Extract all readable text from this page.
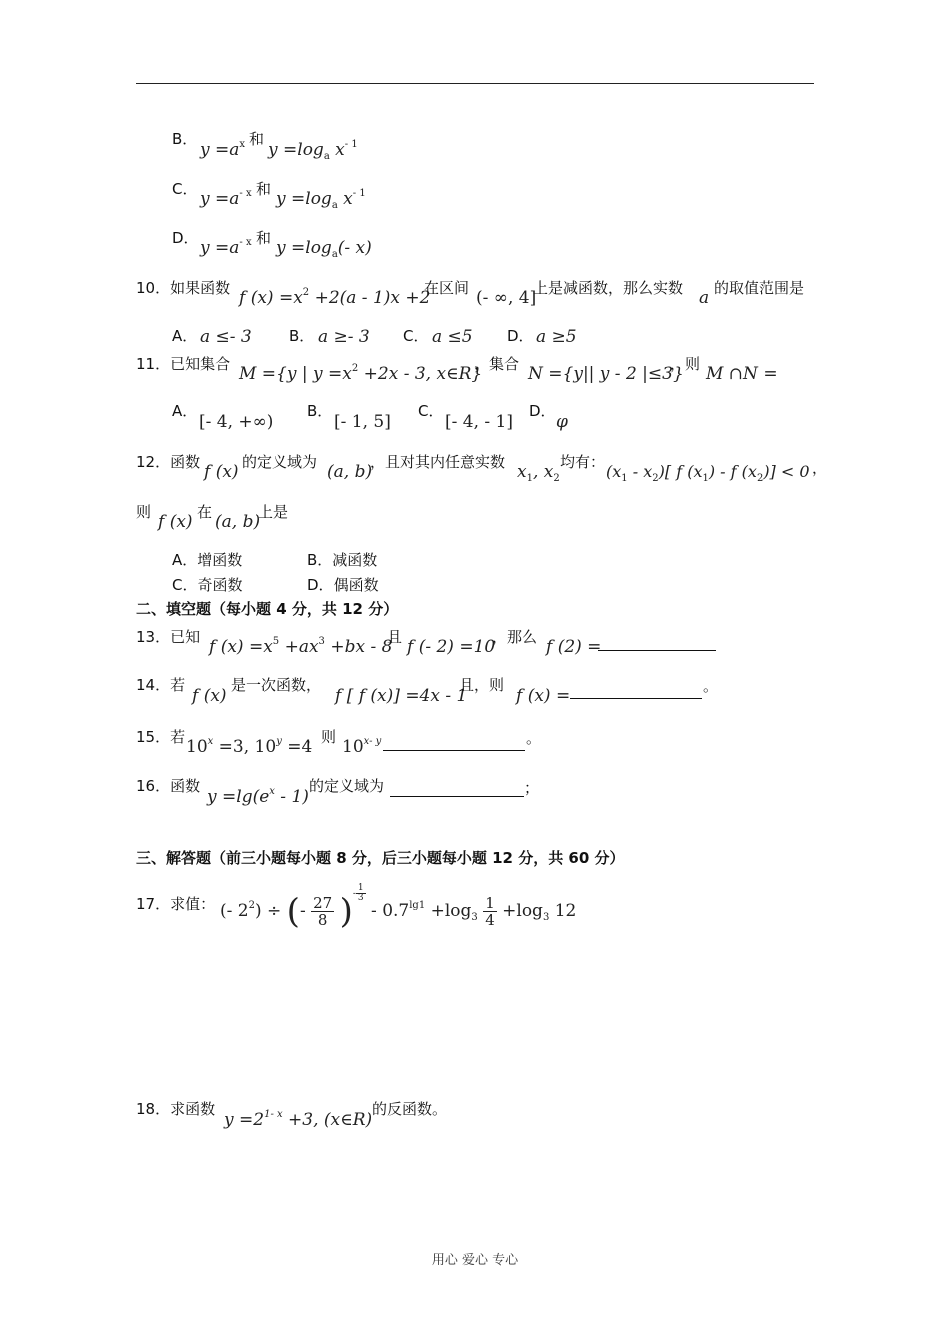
B．
$y =a^x$ 和
$y =\log_a$ $x^{- 1}$
C． $y =a^{- x}$ 和 $y =\log_a$ $x^{- 1}$
D． $y =a^{- x}$ 和 $y =\log_a(-$ x)
10．如果函数 f $(x) =x^2 +2(a - 1)x +2$
在区间 (- ∞, 4]
上是减函数，那么实数 a 的取值范围是
A． a ≤- 3 B． a ≥- 3 C． a ≤5 D． a ≥5
11．已知集合 M ={y | $y =x^2 +2x - 3$, x∈R}
，集合 N ={y|| y - 2 |≤3}
，则 M ∩N =
A．
[- 4, +∞)
B．
[- 1, 5]
C．
[- 4, - 1]
D．
φ
12．函数 f (x) 的定义域为 (a, b)
，且对其内任意实数 $x_1$, $x_2$
均有： $(x_1 - x_2)$[ f $(x_1)$ - f $(x_2)] < 0$ ，
则 f (x) 在 (a, b)
上是
A．增函数	B．减函数
C．奇函数	D．偶函数
二、填空题（每小题 4 分，共 12 分）
13．已知 f $(x) =x^5 +ax^3 +bx - 8$
且 f (- 2) =10
，那么 f (2) =
14．若
f (x)
是一次函数，
f [ f (x)] =4x - 1
且，则
f (x) =	。
15．若 $10^x =3$, $10^y =4$
，则 10$^{x- y}$	。
16．函数
$y =\lg(e^x - 1)$
的定义域为	；
三、解答题（前三小题每小题 8 分，后三小题每小题 12 分，共 60 分）
17．求值： (- $2^2$) ÷ (- $\frac{27}{8}$ )- $\frac{1}{3}$
- $0.7^{lg1} +\log_3 \frac{1}{4} +\log_3$ 12
18．求函数
$y =2^{1- x} +3$, (x∈R)
的反函数。
用心 爱心 专心
